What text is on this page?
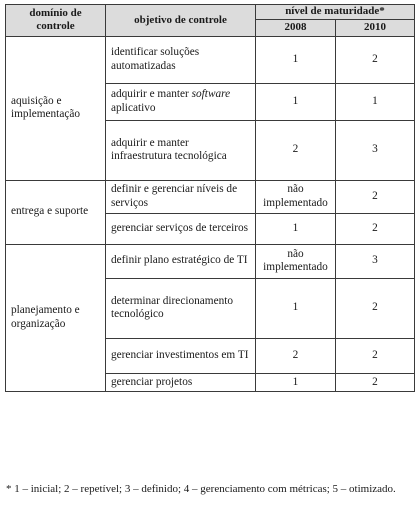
domínio de controle	objetivo de controle	nível de maturidade*	
		2008	2010
aquisição e implementação	identificar soluções automatizadas	1	2
	adquirir e manter software aplicativo	1	1
	adquirir e manter infraestrutura tecnológica	2	3
entrega e suporte	definir e gerenciar níveis de serviços	não implementado	2
	gerenciar serviços de terceiros	1	2
planejamento e organização	definir plano estratégico de TI	não implementado	3
	determinar direcionamento tecnológico	1	2
	gerenciar investimentos em TI	2	2
	gerenciar projetos	1	2

* 1 – inicial; 2 – repetível; 3 – definido; 4 – gerenciamento com métricas; 5 – otimizado.
